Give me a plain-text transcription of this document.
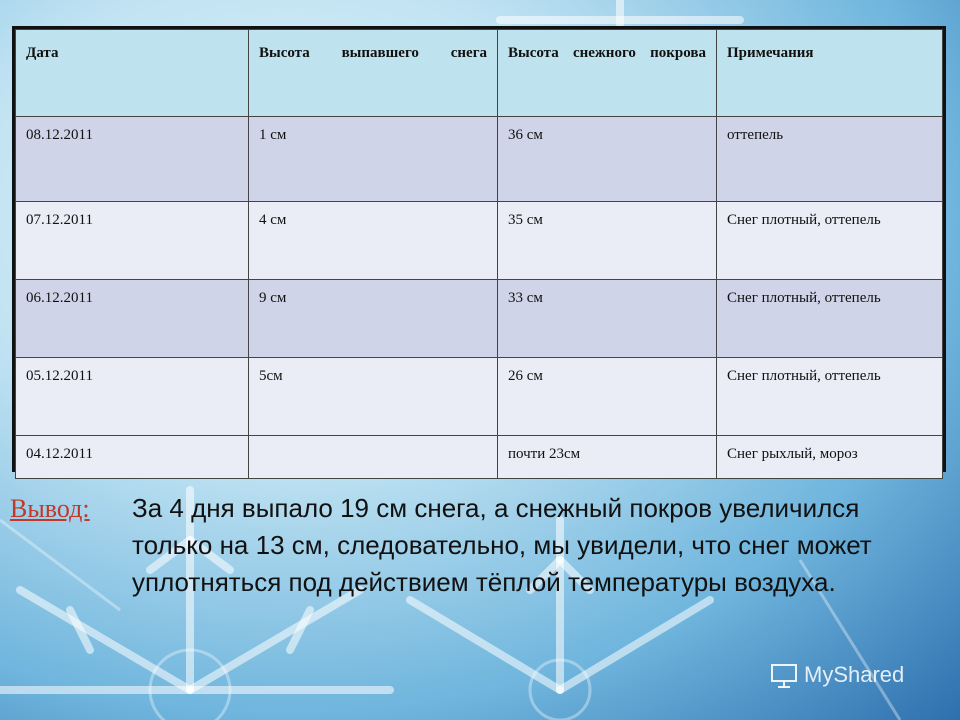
Дата	Высота выпавшего снега	Высота снежного покрова	Примечания
08.12.2011	1 см	36 см	оттепель
07.12.2011	4 см	35 см	Снег плотный, оттепель
06.12.2011	9 см	33 см	Снег плотный, оттепель
05.12.2011	5см	26 см	Снег плотный, оттепель
04.12.2011		почти 23см	Снег рыхлый, мороз
Вывод: За 4 дня выпало 19 см снега, а снежный покров увеличился только на 13 см, следовательно, мы увидели, что снег может уплотняться под действием тёплой температуры воздуха.
MyShared
